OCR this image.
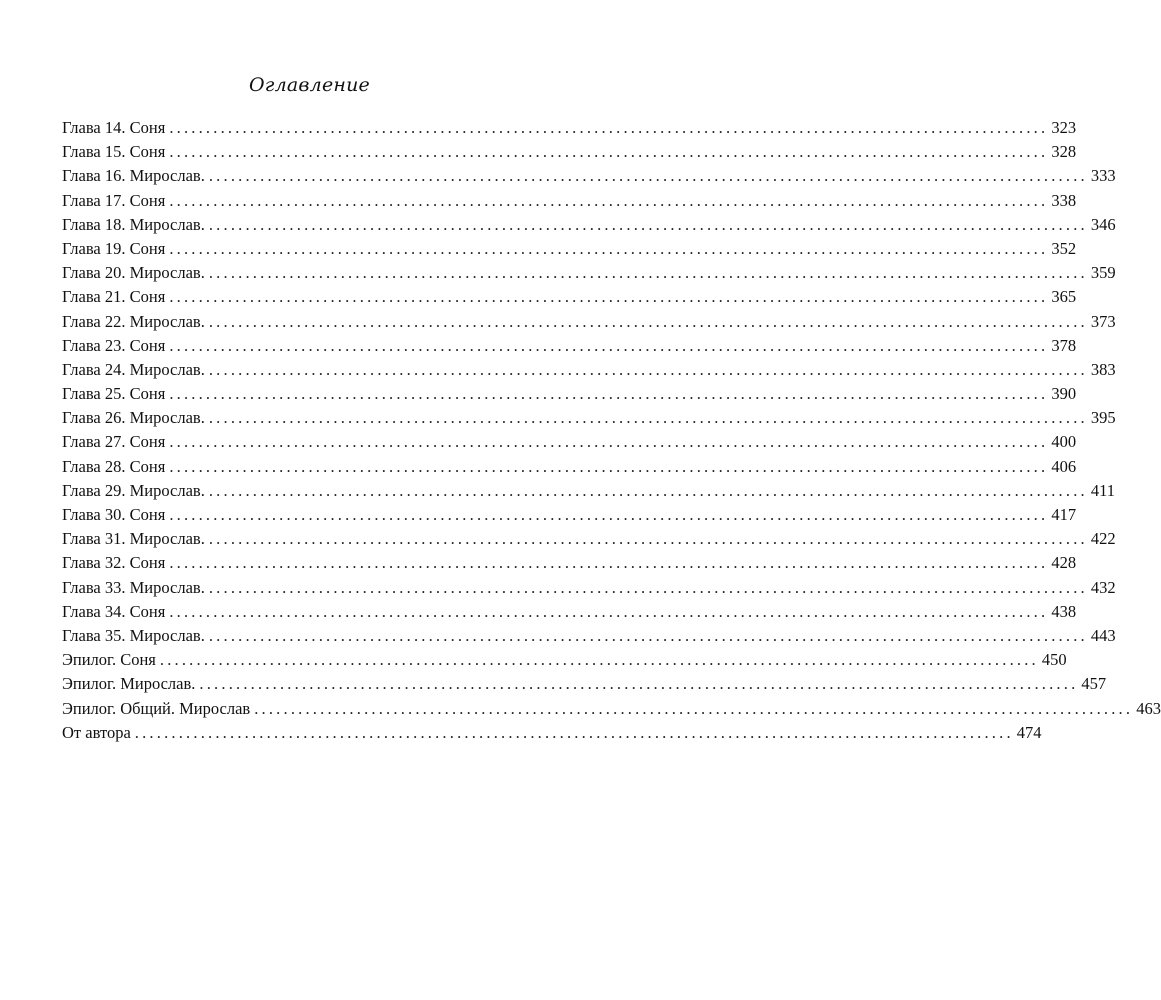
Оглавление
Глава 14. Соня ........................................................................................................................ 323
Глава 15. Соня ........................................................................................................................ 328
Глава 16. Мирослав. ........................................................................................................................ 333
Глава 17. Соня ........................................................................................................................ 338
Глава 18. Мирослав. ........................................................................................................................ 346
Глава 19. Соня ........................................................................................................................ 352
Глава 20. Мирослав. ........................................................................................................................ 359
Глава 21. Соня ........................................................................................................................ 365
Глава 22. Мирослав. ........................................................................................................................ 373
Глава 23. Соня ........................................................................................................................ 378
Глава 24. Мирослав. ........................................................................................................................ 383
Глава 25. Соня ........................................................................................................................ 390
Глава 26. Мирослав. ........................................................................................................................ 395
Глава 27. Соня ........................................................................................................................ 400
Глава 28. Соня ........................................................................................................................ 406
Глава 29. Мирослав. ........................................................................................................................ 411
Глава 30. Соня ........................................................................................................................ 417
Глава 31. Мирослав. ........................................................................................................................ 422
Глава 32. Соня ........................................................................................................................ 428
Глава 33. Мирослав. ........................................................................................................................ 432
Глава 34. Соня ........................................................................................................................ 438
Глава 35. Мирослав. ........................................................................................................................ 443
Эпилог. Соня ........................................................................................................................ 450
Эпилог. Мирослав. ........................................................................................................................ 457
Эпилог. Общий. Мирослав ........................................................................................................................ 463
От автора ........................................................................................................................ 474
